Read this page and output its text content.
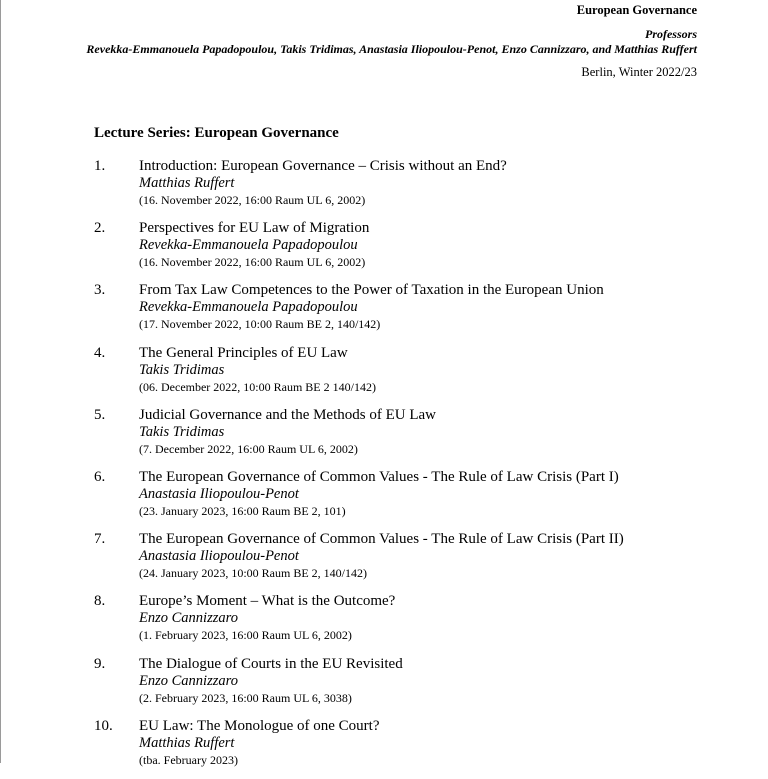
European Governance
Professors
Revekka-Emmanouela Papadopoulou, Takis Tridimas, Anastasia Iliopoulou-Penot, Enzo Cannizzaro, and Matthias Ruffert
Berlin, Winter 2022/23
Lecture Series: European Governance
1. Introduction: European Governance – Crisis without an End?
Matthias Ruffert
(16. November 2022, 16:00 Raum UL 6, 2002)
2. Perspectives for EU Law of Migration
Revekka-Emmanouela Papadopoulou
(16. November 2022, 16:00 Raum UL 6, 2002)
3. From Tax Law Competences to the Power of Taxation in the European Union
Revekka-Emmanouela Papadopoulou
(17. November 2022, 10:00 Raum BE 2, 140/142)
4. The General Principles of EU Law
Takis Tridimas
(06. December 2022, 10:00 Raum BE 2 140/142)
5. Judicial Governance and the Methods of EU Law
Takis Tridimas
(7. December 2022, 16:00 Raum UL 6, 2002)
6. The European Governance of Common Values - The Rule of Law Crisis (Part I)
Anastasia Iliopoulou-Penot
(23. January 2023, 16:00 Raum BE 2, 101)
7. The European Governance of Common Values - The Rule of Law Crisis (Part II)
Anastasia Iliopoulou-Penot
(24. January 2023, 10:00 Raum BE 2, 140/142)
8. Europe’s Moment – What is the Outcome?
Enzo Cannizzaro
(1. February 2023, 16:00 Raum UL 6, 2002)
9. The Dialogue of Courts in the EU Revisited
Enzo Cannizzaro
(2. February 2023, 16:00 Raum UL 6, 3038)
10. EU Law: The Monologue of one Court?
Matthias Ruffert
(tba. February 2023)
